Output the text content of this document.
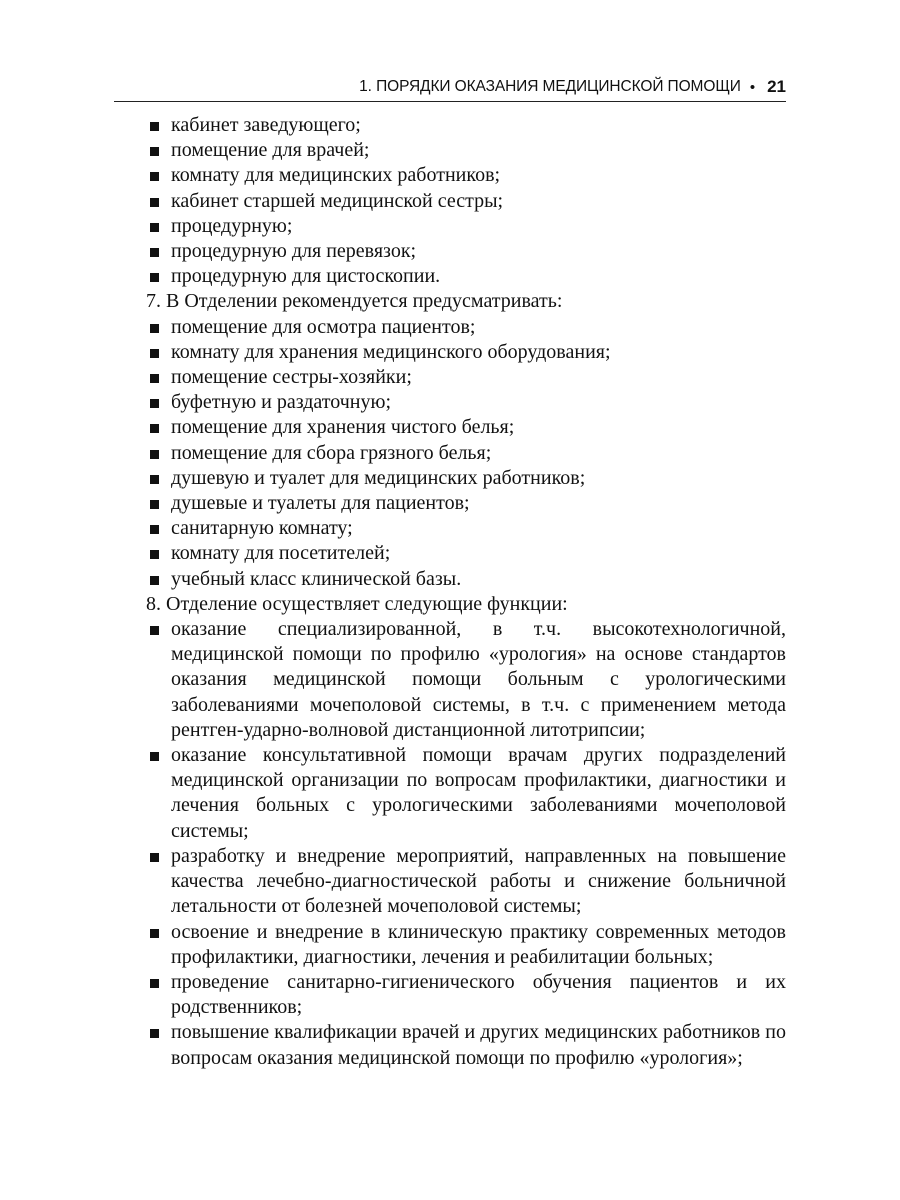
1. ПОРЯДКИ ОКАЗАНИЯ МЕДИЦИНСКОЙ ПОМОЩИ • 21
кабинет заведующего;
помещение для врачей;
комнату для медицинских работников;
кабинет старшей медицинской сестры;
процедурную;
процедурную для перевязок;
процедурную для цистоскопии.

7. В Отделении рекомендуется предусматривать:

помещение для осмотра пациентов;
комнату для хранения медицинского оборудования;
помещение сестры-хозяйки;
буфетную и раздаточную;
помещение для хранения чистого белья;
помещение для сбора грязного белья;
душевую и туалет для медицинских работников;
душевые и туалеты для пациентов;
санитарную комнату;
комнату для посетителей;
учебный класс клинической базы.

8. Отделение осуществляет следующие функции:

оказание специализированной, в т.ч. высокотехнологичной, медицинской помощи по профилю «урология» на основе стандартов оказания медицинской помощи больным с урологическими заболеваниями мочеполовой системы, в т.ч. с применением метода рентген-ударно-волновой дистанционной литотрипсии;
оказание консультативной помощи врачам других подразделений медицинской организации по вопросам профилактики, диагностики и лечения больных с урологическими заболеваниями мочеполовой системы;
разработку и внедрение мероприятий, направленных на повышение качества лечебно-диагностической работы и снижение больничной летальности от болезней мочеполовой системы;
освоение и внедрение в клиническую практику современных методов профилактики, диагностики, лечения и реабилитации больных;
проведение санитарно-гигиенического обучения пациентов и их родственников;
повышение квалификации врачей и других медицинских работников по вопросам оказания медицинской помощи по профилю «урология»;
